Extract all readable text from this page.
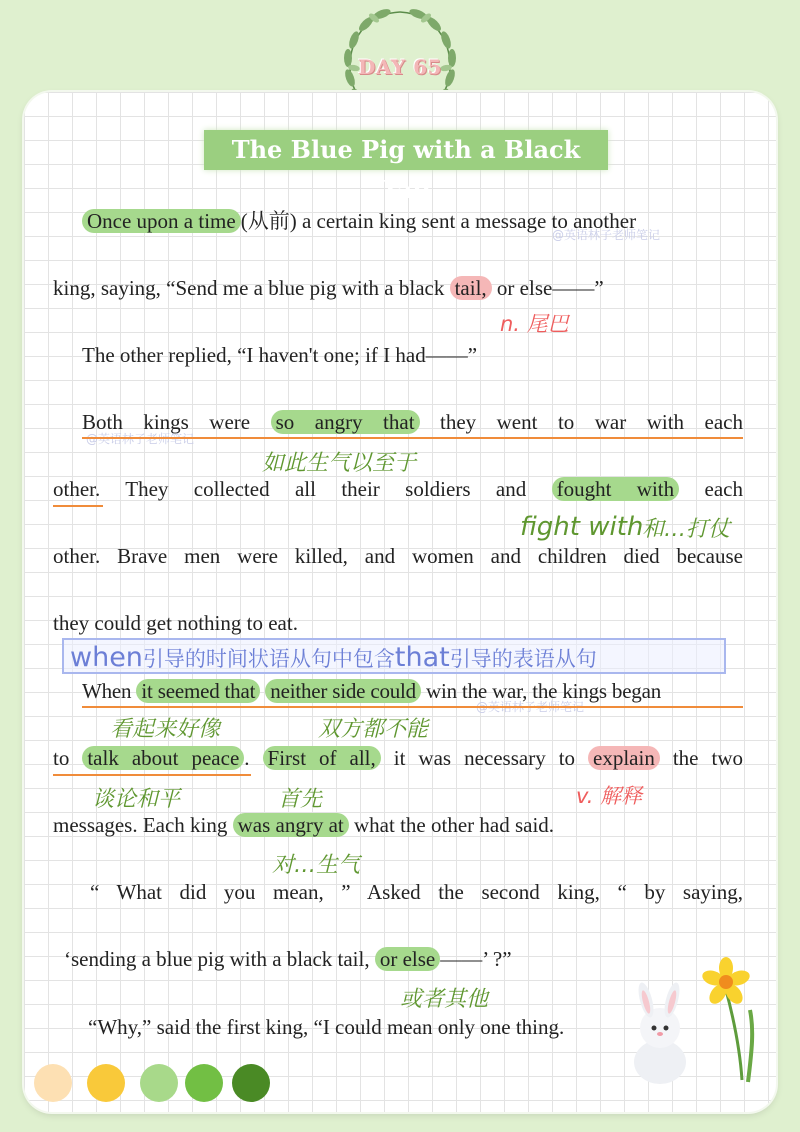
DAY 65
The Blue Pig with a Black Tail
@英语林子老师笔记
@英语林子老师笔记
@英语林子老师笔记
Once upon a time (从前) a certain king sent a message to another
king, saying, “Send me a blue pig with a black tail, or else——”
n. 尾巴
The other replied, “I haven't one; if I had——”
Both kings were so angry that they went to war with each
如此生气以至于
other. They collected all their soldiers and fought with each
fight with
和…打仗
other. Brave men were killed, and women and children died because
they could get nothing to eat.
when引导的时间状语从句中包含that引导的表语从句
When it seemed that neither side could win the war, the kings began
看起来好像	双方都不能
to talk about peace . First of all, it was necessary to explain the two
谈论和平	首先	v. 解释
messages. Each king was angry at what the other had said.
对…生气
“ What did you mean, ” Asked the second king, “ by saying,
‘sending a blue pig with a black tail, or else ——’ ?”
或者其他
“Why,” said the first king, “I could mean only one thing.
